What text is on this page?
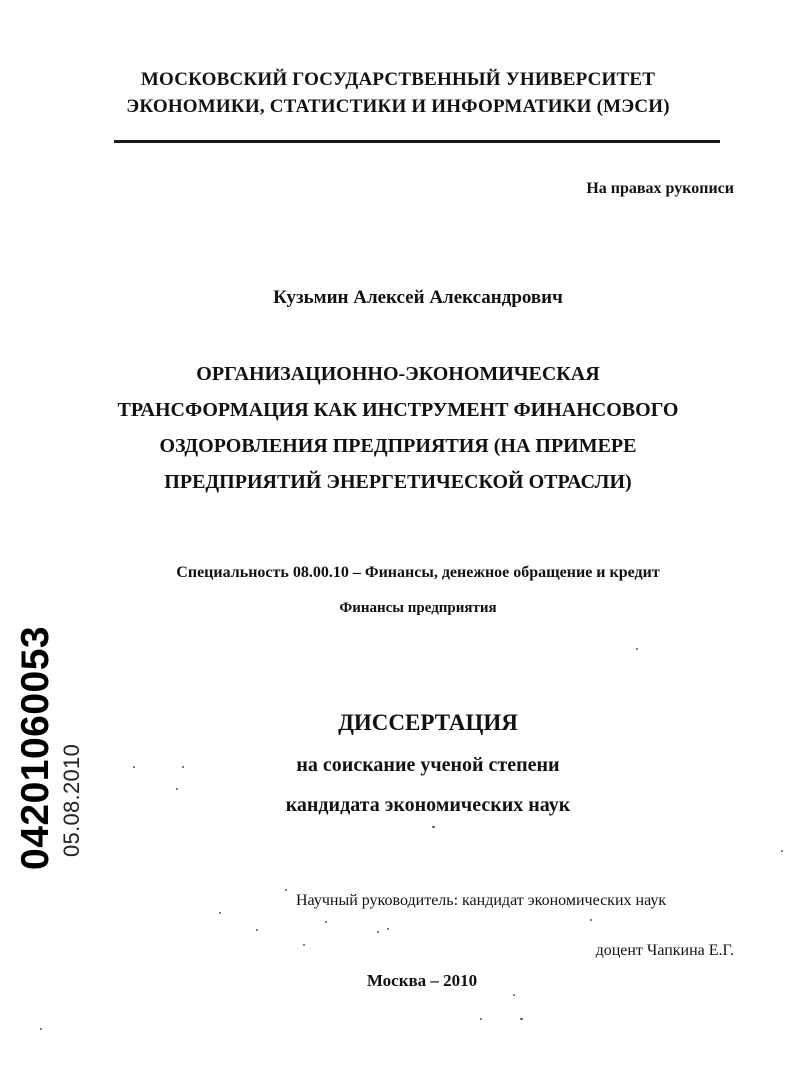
МОСКОВСКИЙ ГОСУДАРСТВЕННЫЙ УНИВЕРСИТЕТ
ЭКОНОМИКИ, СТАТИСТИКИ И ИНФОРМАТИКИ (МЭСИ)
На правах рукописи
Кузьмин Алексей Александрович
ОРГАНИЗАЦИОННО-ЭКОНОМИЧЕСКАЯ
ТРАНСФОРМАЦИЯ КАК ИНСТРУМЕНТ ФИНАНСОВОГО
ОЗДОРОВЛЕНИЯ ПРЕДПРИЯТИЯ (НА ПРИМЕРЕ
ПРЕДПРИЯТИЙ ЭНЕРГЕТИЧЕСКОЙ ОТРАСЛИ)
Специальность 08.00.10 – Финансы, денежное обращение и кредит
Финансы предприятия
ДИССЕРТАЦИЯ
на соискание ученой степени
кандидата экономических наук
Научный руководитель: кандидат экономических наук
доцент Чапкина Е.Г.
Москва – 2010
04201060053 05.08.2010
